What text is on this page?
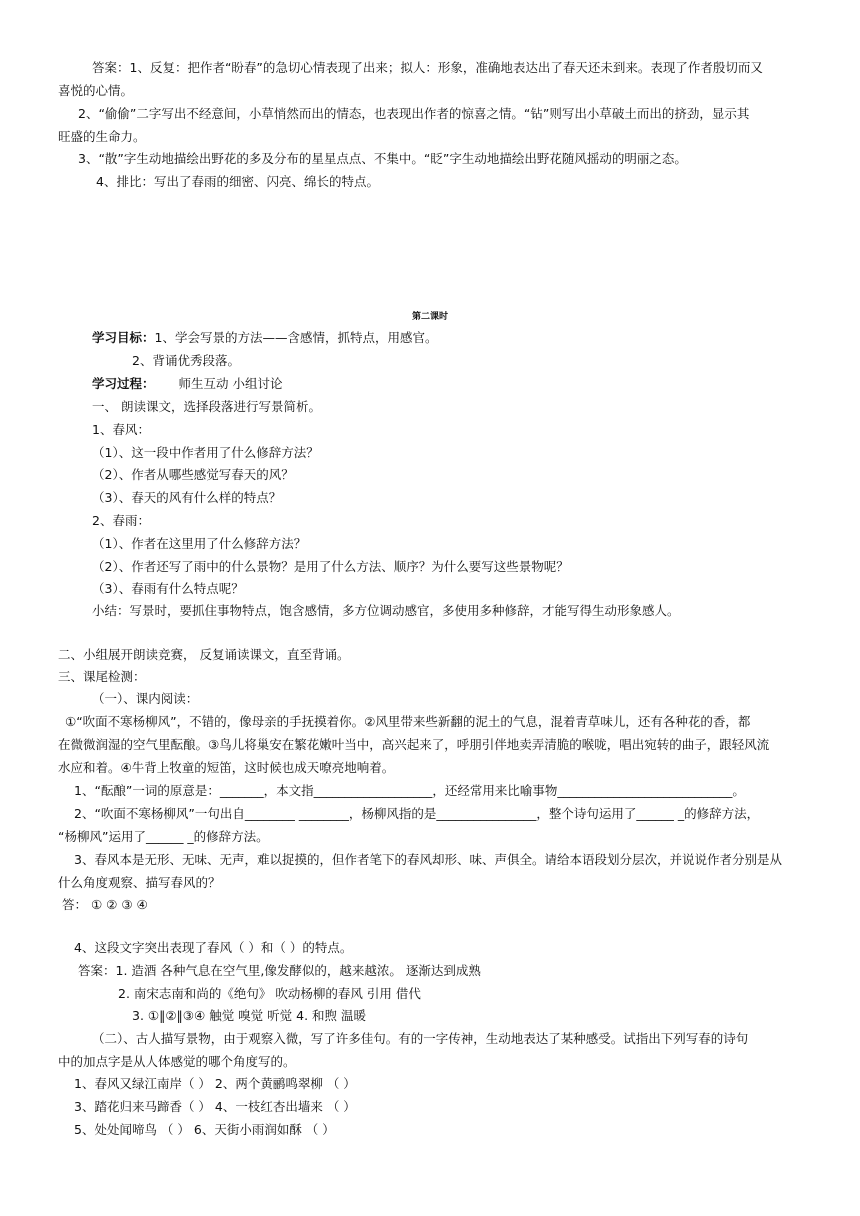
答案：1、反复：把作者“盼春”的急切心情表现了出来；拟人：形象，准确地表达出了春天还未到来。表现了作者殷切而又
喜悦的心情。
2、“偷偷”二字写出不经意间，小草悄然而出的情态，也表现出作者的惊喜之情。“钻”则写出小草破土而出的挤劲，显示其
旺盛的生命力。
3、“散”字生动地描绘出野花的多及分布的星星点点、不集中。“眨”字生动地描绘出野花随风摇动的明丽之态。
4、排比：写出了春雨的细密、闪亮、绵长的特点。
第二课时
学习目标：1、学会写景的方法——含感情，抓特点，用感官。
2、背诵优秀段落。
学习过程： 师生互动 小组讨论
一、 朗读课文，选择段落进行写景简析。
1、春风：
（1）、这一段中作者用了什么修辞方法？
（2）、作者从哪些感觉写春天的风？
（3）、春天的风有什么样的特点？
2、春雨：
（1）、作者在这里用了什么修辞方法？
（2）、作者还写了雨中的什么景物？是用了什么方法、顺序？为什么要写这些景物呢？
（3）、春雨有什么特点呢？
小结：写景时，要抓住事物特点，饱含感情，多方位调动感官，多使用多种修辞，才能写得生动形象感人。
二、小组展开朗读竞赛， 反复诵读课文，直至背诵。
三、课尾检测：
（一）、课内阅读：
①“吹面不寒杨柳风”，不错的，像母亲的手抚摸着你。②风里带来些新翻的泥土的气息，混着青草味儿，还有各种花的香，都
在微微润湿的空气里酝酿。③鸟儿将巢安在繁花嫩叶当中，高兴起来了，呼朋引伴地卖弄清脆的喉咙，唱出宛转的曲子，跟轻风流
水应和着。④牛背上牧童的短笛，这时候也成天嘹亮地响着。
1、“酝酿”一词的原意是：_______，本文指___________________，还经常用来比喻事物____________________________。
2、“吹面不寒杨柳风”一句出自________ ________，杨柳风指的是________________，整个诗句运用了______ _的修辞方法，
“杨柳风”运用了______ _的修辞方法。
3、春风本是无形、无味、无声，难以捉摸的，但作者笔下的春风却形、味、声俱全。请给本语段划分层次，并说说作者分别是从
什么角度观察、描写春风的？
答： ① ② ③ ④
4、这段文字突出表现了春风（ ）和（ ）的特点。
答案：1. 造酒 各种气息在空气里,像发酵似的，越来越浓。 逐渐达到成熟
2. 南宋志南和尚的《绝句》 吹动杨柳的春风 引用 借代
3. ①‖②‖③④ 触觉 嗅觉 听觉 4. 和煦 温暖
（二）、古人描写景物，由于观察入微，写了许多佳句。有的一字传神，生动地表达了某种感受。试指出下列写春的诗句
中的加点字是从人体感觉的哪个角度写的。
1、春风又绿江南岸（ ） 2、两个黄鹂鸣翠柳 （ ）
3、踏花归来马蹄香（ ） 4、一枝红杏出墙来 （ ）
5、处处闻啼鸟 （ ） 6、天街小雨润如酥 （ ）
